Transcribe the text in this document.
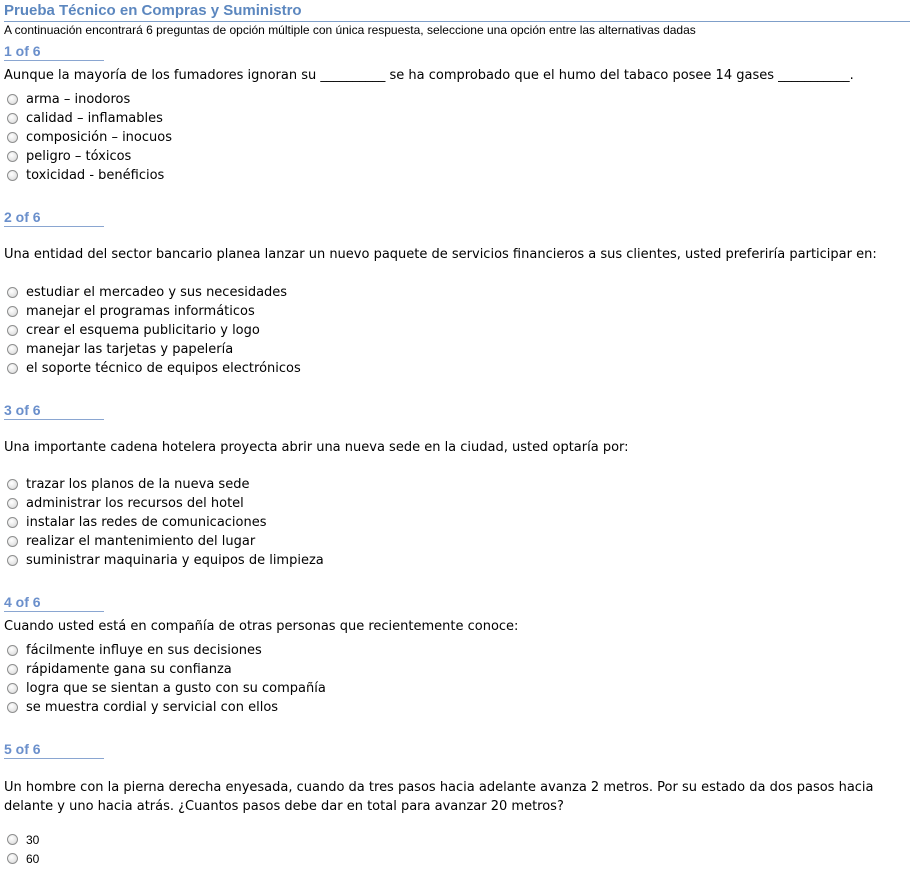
Prueba Técnico en Compras y Suministro
A continuación encontrará 6 preguntas de opción múltiple con única respuesta, seleccione una opción entre las alternativas dadas
1 of 6
Aunque la mayoría de los fumadores ignoran su __________ se ha comprobado que el humo del tabaco posee 14 gases ___________.
arma – inodoros
calidad – inflamables
composición – inocuos
peligro – tóxicos
toxicidad - benéficios
2 of 6
Una entidad del sector bancario planea lanzar un nuevo paquete de servicios financieros a sus clientes, usted preferiría participar en:
estudiar el mercadeo y sus necesidades
manejar el programas informáticos
crear el esquema publicitario y logo
manejar las tarjetas y papelería
el soporte técnico de equipos electrónicos
3 of 6
Una importante cadena hotelera proyecta abrir una nueva sede en la ciudad, usted optaría por:
trazar los planos de la nueva sede
administrar los recursos del hotel
instalar las redes de comunicaciones
realizar el mantenimiento del lugar
suministrar maquinaria y equipos de limpieza
4 of 6
Cuando usted está en compañía de otras personas que recientemente conoce:
fácilmente influye en sus decisiones
rápidamente gana su confianza
logra que se sientan a gusto con su compañía
se muestra cordial y servicial con ellos
5 of 6
Un hombre con la pierna derecha enyesada, cuando da tres pasos hacia adelante avanza 2 metros. Por su estado da dos pasos hacia delante y uno hacia atrás. ¿Cuantos pasos debe dar en total para avanzar 20 metros?
30
60
